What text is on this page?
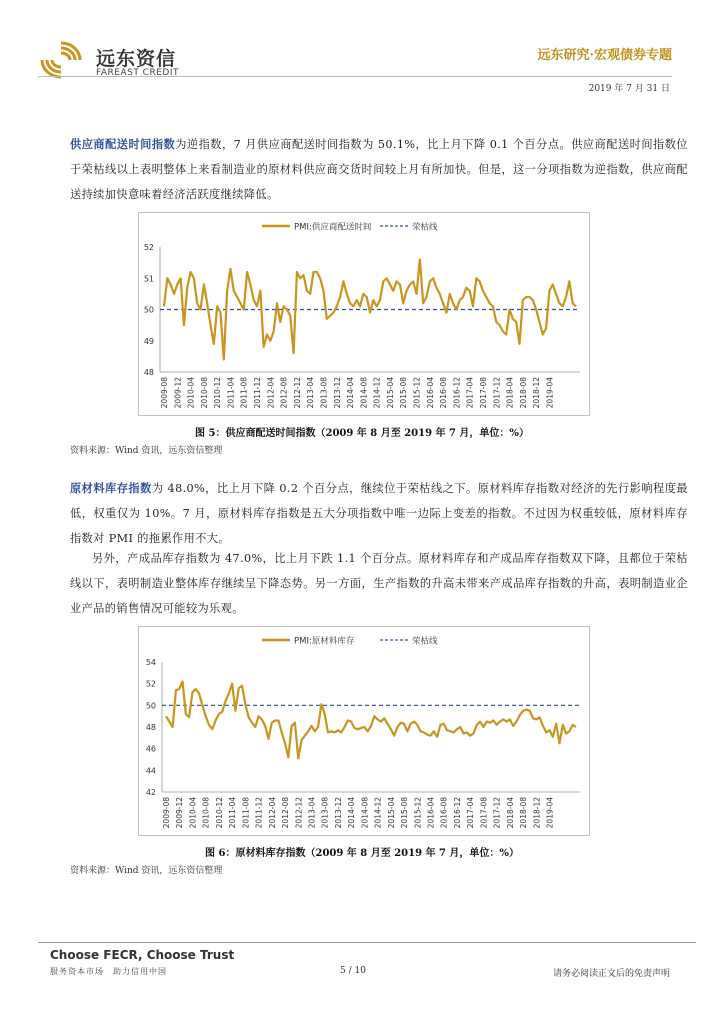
远东资信
FAREAST CREDIT
远东研究·宏观债券专题
2019 年 7 月 31 日
供应商配送时间指数为逆指数，7 月供应商配送时间指数为 50.1%，比上月下降 0.1 个百分点。供应商配送时间指数位于荣枯线以上表明整体上来看制造业的原材料供应商交货时间较上月有所加快。但是，这一分项指数为逆指数，供应商配送持续加快意味着经济活跃度继续降低。
PMI:供应商配送时间	荣枯线
48
49
50
51
52
2009-08 2009-12 2010-04 2010-08 2010-12 2011-04 2011-08 2011-12 2012-04 2012-08 2012-12 2013-04 2013-08 2013-12 2014-04 2014-08 2014-12 2015-04 2015-08 2015-12 2016-04 2016-08 2016-12 2017-04 2017-08 2017-12 2018-04 2018-08 2018-12 2019-04
图 5：供应商配送时间指数（2009 年 8 月至 2019 年 7 月，单位：%）
资料来源：Wind 资讯，远东资信整理
原材料库存指数为 48.0%，比上月下降 0.2 个百分点，继续位于荣枯线之下。原材料库存指数对经济的先行影响程度最低，权重仅为 10%。7 月，原材料库存指数是五大分项指数中唯一边际上变差的指数。不过因为权重较低，原材料库存指数对 PMI 的拖累作用不大。
另外，产成品库存指数为 47.0%，比上月下跌 1.1 个百分点。原材料库存和产成品库存指数双下降，且都位于荣枯线以下，表明制造业整体库存继续呈下降态势。另一方面，生产指数的升高未带来产成品库存指数的升高，表明制造业企业产品的销售情况可能较为乐观。
PMI:原材料库存	荣枯线
42
44
46
48
50
52
54
2009-08 2009-12 2010-04 2010-08 2010-12 2011-04 2011-08 2011-12 2012-04 2012-08 2012-12 2013-04 2013-08 2013-12 2014-04 2014-08 2014-12 2015-04 2015-08 2015-12 2016-04 2016-08 2016-12 2017-04 2017-08 2017-12 2018-04 2018-08 2018-12 2019-04
图 6：原材料库存指数（2009 年 8 月至 2019 年 7 月，单位：%）
资料来源：Wind 资讯，远东资信整理
Choose FECR, Choose Trust
服务资本市场　助力信用中国	5 / 10	请务必阅读正文后的免责声明
